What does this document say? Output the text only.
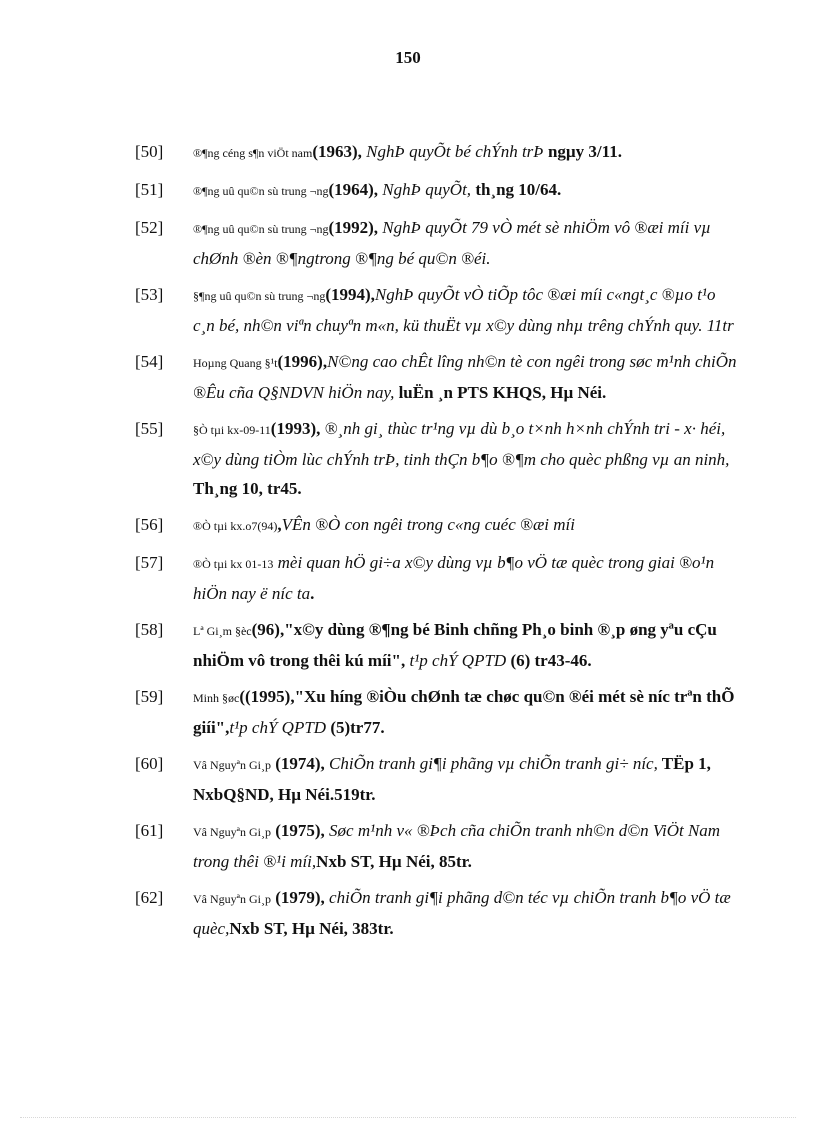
150
[50] ®¶ng céng s¶n viÖt nam(1963), NghÞ quyÕt bé chÝnh trÞ ngµy 3/11.
[51] ®¶ng uû qu©n sù trung ¬ng(1964), NghÞ quyÕt, th¸ng 10/64.
[52] ®¶ng uû qu©n sù trung ¬ng(1992), NghÞ quyÕt 79 vÒ mét sè nhiÖm vô ®æi míi vµ chØnh ®èn ®¶ngtrong ®¶ng bé qu©n ®éi.
[53] §¶ng uû qu©n sù trung ¬ng(1994),NghÞ quyÕt vÒ tiÕp tôc ®æi míi c«ngt¸c ®µo t¹o c¸n bé, nh©n viªn chuyªn m«n, kü thuËt vµ x©y dùng nhµ trêng chÝnh quy. 11tr
[54] Hoµng Quang §¹t(1996),N©ng cao chÊt lîng nh©n tè con ngêi trong søc m¹nh chiÕn ®Êu cña Q§NDVN hiÖn nay, luËn ¸n PTS KHQS, Hµ Néi.
[55] §Ò tµi kx-09-11(1993), ®¸nh gi¸ thùc tr¹ng vµ dù b¸o t×nh h×nh chÝnh tri - x· héi, x©y dùng tiÒm lùc chÝnh trÞ, tinh thÇn b¶o ®¶m cho quèc phßng vµ an ninh, Th¸ng 10, tr45.
[56] ®Ò tµi kx.o7(94),VÊn ®Ò con ngêi trong c«ng cuéc ®æi míi
[57] ®Ò tµi kx 01-13 mèi quan hÖ gi÷a x©y dùng vµ b¶o vÖ tæ quèc trong giai ®o¹n hiÖn nay ë níc ta.
[58] Lª Gi¸m §èc(96),"x©y dùng ®¶ng bé Binh chñng Ph¸o binh ®¸p øng yªu cÇu nhiÖm vô trong thêi kú míi", t¹p chÝ QPTD (6) tr43-46.
[59] Minh §øc((1995),"Xu híng ®iÒu chØnh tæ chøc qu©n ®éi mét sè níc trªn thÕ giíi",t¹p chÝ QPTD (5)tr77.
[60] Vâ Nguyªn Gi¸p (1974), ChiÕn tranh gi¶i phãng vµ chiÕn tranh gi÷ níc, TËp 1, NxbQ§ND, Hµ Néi.519tr.
[61] Vâ Nguyªn Gi¸p (1975), Søc m¹nh v« ®Þch cña chiÕn tranh nh©n d©n ViÖt Nam trong thêi ®¹i míi,Nxb ST, Hµ Néi, 85tr.
[62] Vâ Nguyªn Gi¸p (1979), chiÕn tranh gi¶i phãng d©n téc vµ chiÕn tranh b¶o vÖ tæ quèc,Nxb ST, Hµ Néi, 383tr.
